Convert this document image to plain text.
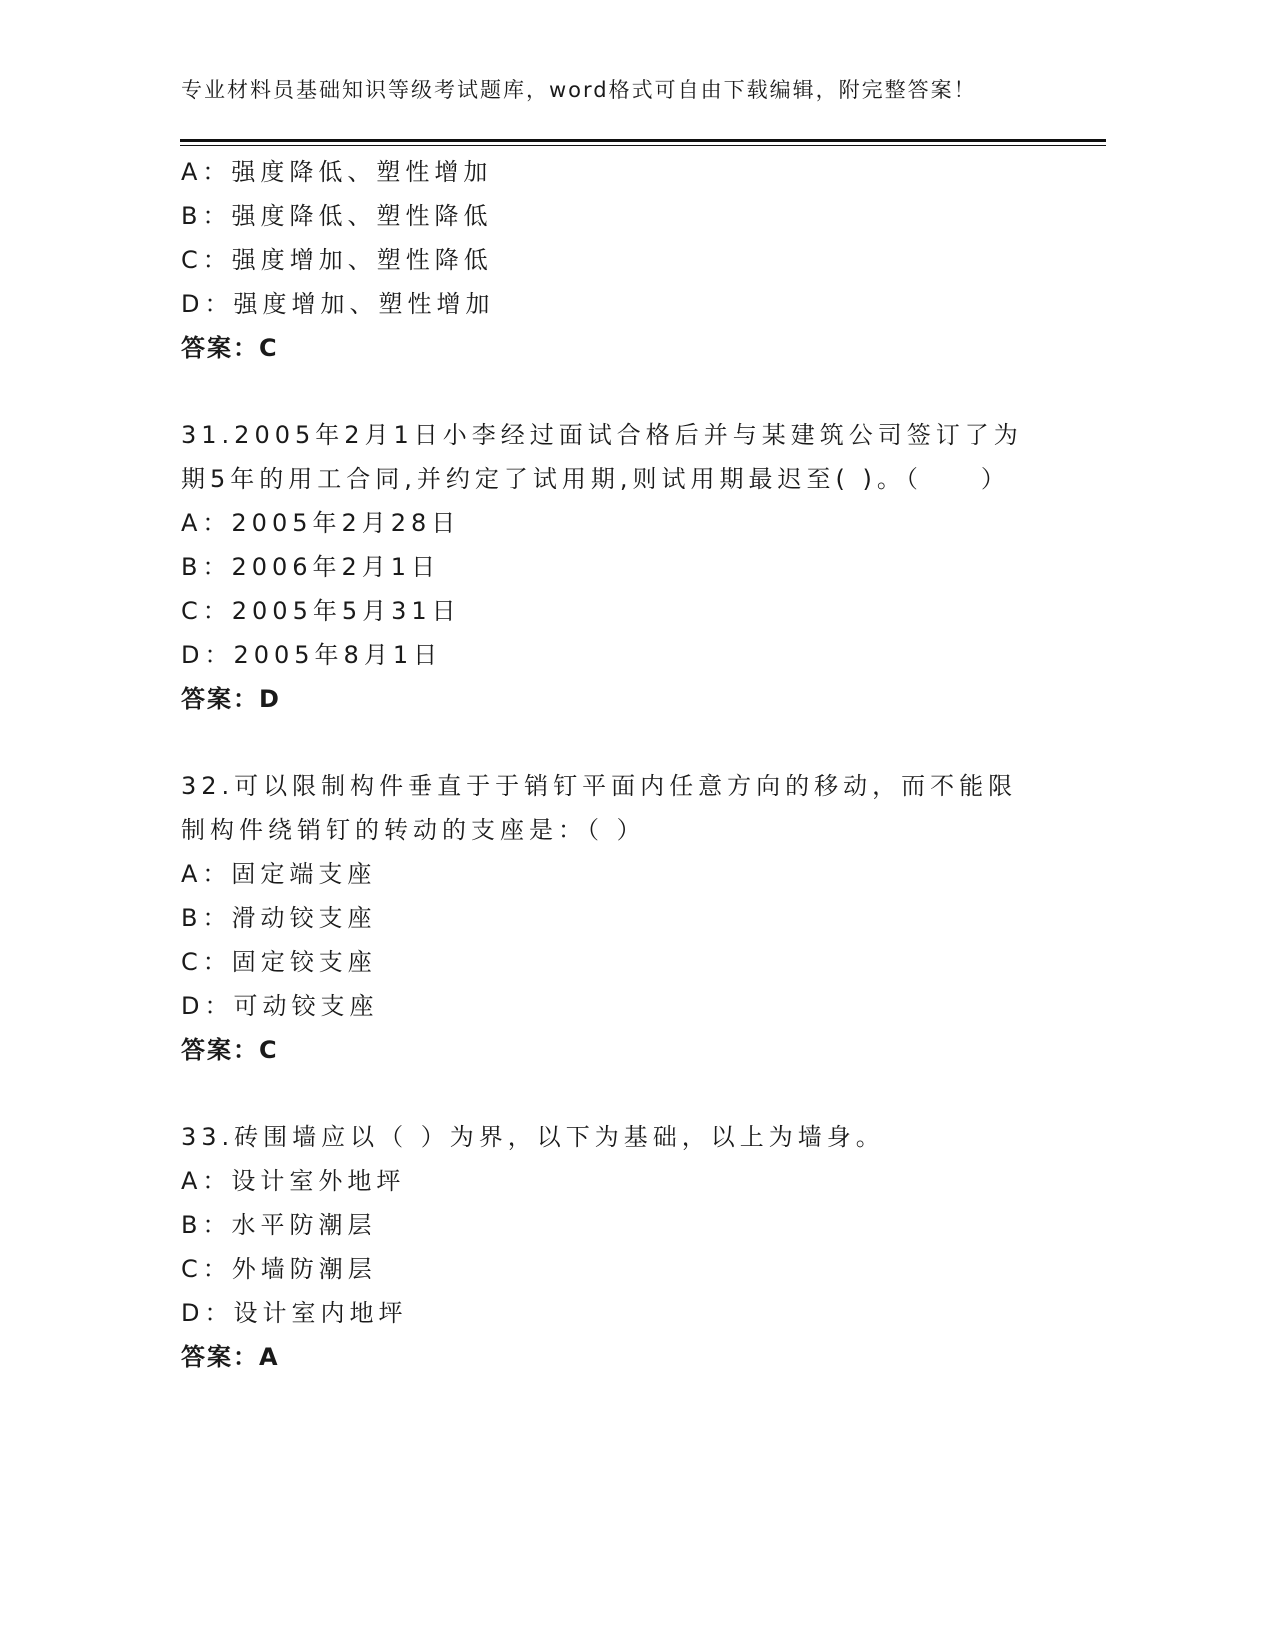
专业材料员基础知识等级考试题库，word格式可自由下载编辑，附完整答案！
A：强度降低、塑性增加
B：强度降低、塑性降低
C：强度增加、塑性降低
D：强度增加、塑性增加
答案：C
31.2005年2月1日小李经过面试合格后并与某建筑公司签订了为期5年的用工合同,并约定了试用期,则试用期最迟至( )。（　　）
A：2005年2月28日
B：2006年2月1日
C：2005年5月31日
D：2005年8月1日
答案：D
32.可以限制构件垂直于于销钉平面内任意方向的移动，而不能限制构件绕销钉的转动的支座是：（ ）
A：固定端支座
B：滑动铰支座
C：固定铰支座
D：可动铰支座
答案：C
33.砖围墙应以（ ）为界，以下为基础，以上为墙身。
A：设计室外地坪
B：水平防潮层
C：外墙防潮层
D：设计室内地坪
答案：A
